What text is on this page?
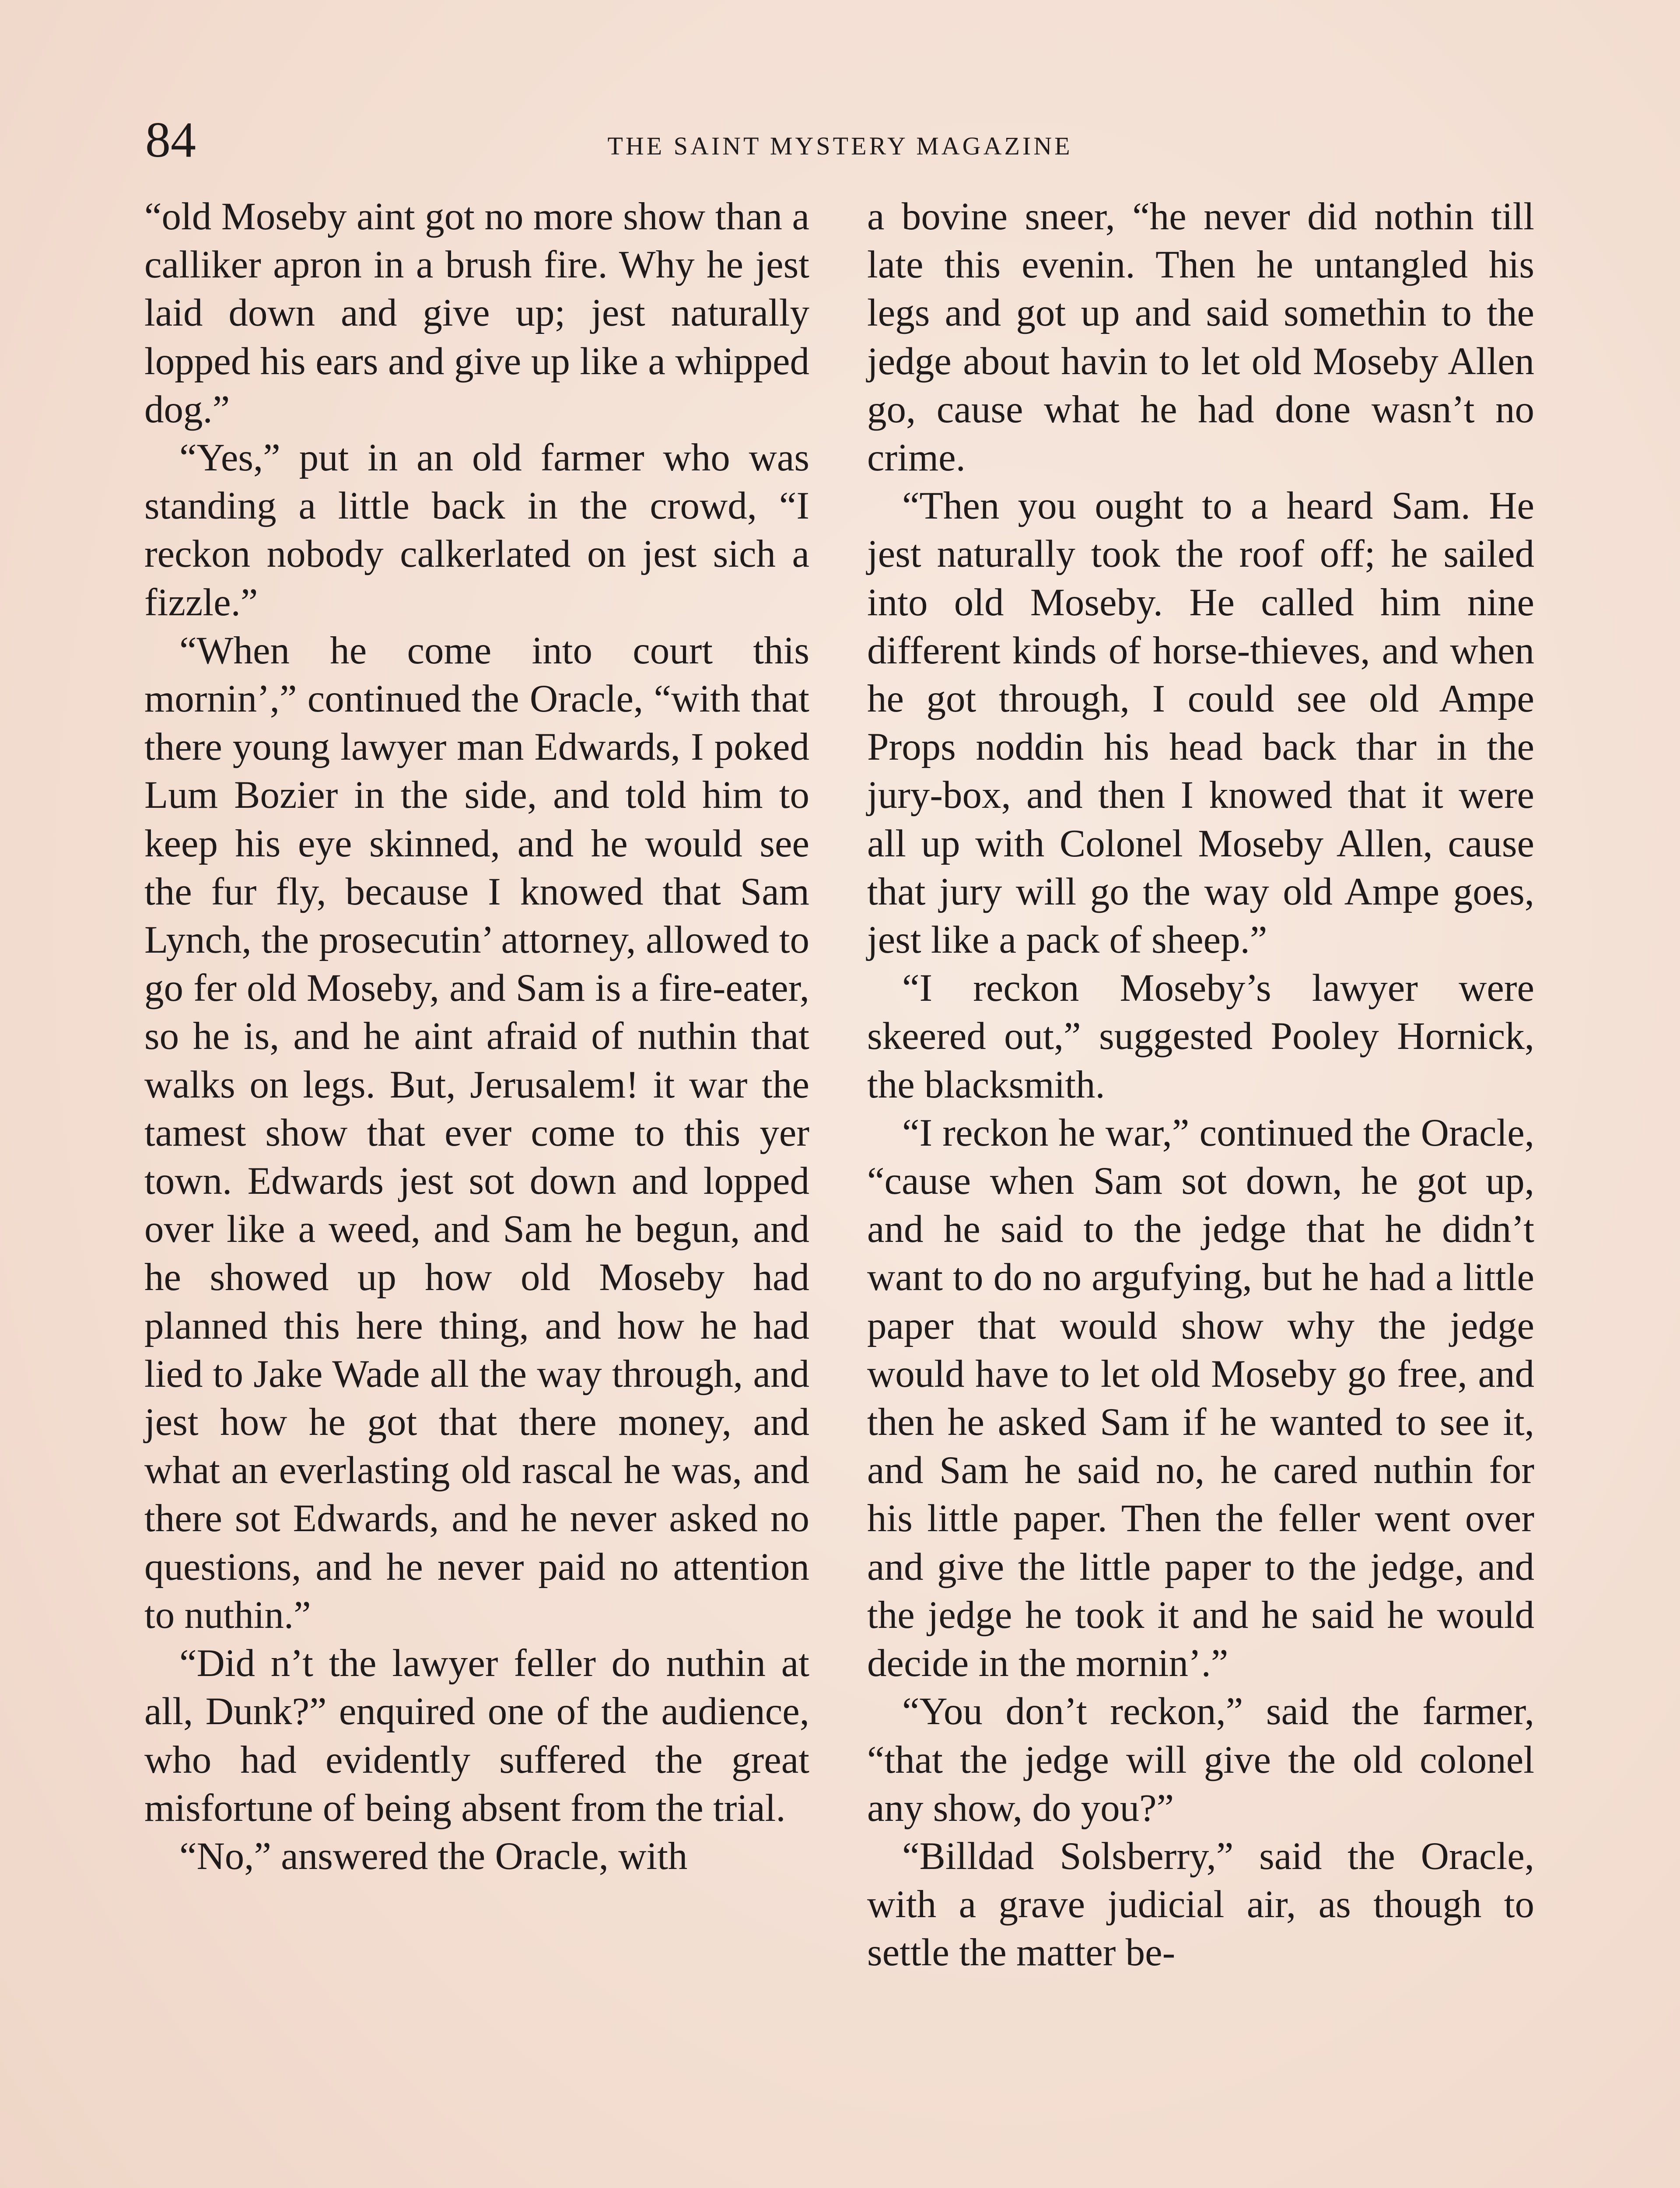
84	THE SAINT MYSTERY MAGAZINE

“old Moseby aint got no more show than a calliker apron in a brush fire. Why he jest laid down and give up; jest naturally lopped his ears and give up like a whipped dog.”

“Yes,” put in an old farmer who was standing a little back in the crowd, “I reckon nobody calkerlated on jest sich a fizzle.”

“When he come into court this mornin’,” continued the Oracle, “with that there young lawyer man Edwards, I poked Lum Bozier in the side, and told him to keep his eye skinned, and he would see the fur fly, because I knowed that Sam Lynch, the prosecutin’ attorney, allowed to go fer old Moseby, and Sam is a fire-eater, so he is, and he aint afraid of nuthin that walks on legs. But, Jerusalem! it war the tamest show that ever come to this yer town. Edwards jest sot down and lopped over like a weed, and Sam he begun, and he showed up how old Moseby had planned this here thing, and how he had lied to Jake Wade all the way through, and jest how he got that there money, and what an everlasting old rascal he was, and there sot Edwards, and he never asked no questions, and he never paid no attention to nuthin.”

“Did n’t the lawyer feller do nuthin at all, Dunk?” enquired one of the audience, who had evidently suffered the great misfortune of being absent from the trial.

“No,” answered the Oracle, with

a bovine sneer, “he never did nothin till late this evenin. Then he untangled his legs and got up and said somethin to the jedge about havin to let old Moseby Allen go, cause what he had done wasn’t no crime.

“Then you ought to a heard Sam. He jest naturally took the roof off; he sailed into old Moseby. He called him nine different kinds of horse-thieves, and when he got through, I could see old Ampe Props noddin his head back thar in the jury-box, and then I knowed that it were all up with Colonel Moseby Allen, cause that jury will go the way old Ampe goes, jest like a pack of sheep.”

“I reckon Moseby’s lawyer were skeered out,” suggested Pooley Hornick, the blacksmith.

“I reckon he war,” continued the Oracle, “cause when Sam sot down, he got up, and he said to the jedge that he didn’t want to do no argufying, but he had a little paper that would show why the jedge would have to let old Moseby go free, and then he asked Sam if he wanted to see it, and Sam he said no, he cared nuthin for his little paper. Then the feller went over and give the little paper to the jedge, and the jedge he took it and he said he would decide in the mornin’.”

“You don’t reckon,” said the farmer, “that the jedge will give the old colonel any show, do you?”

“Billdad Solsberry,” said the Oracle, with a grave judicial air, as though to settle the matter be-
